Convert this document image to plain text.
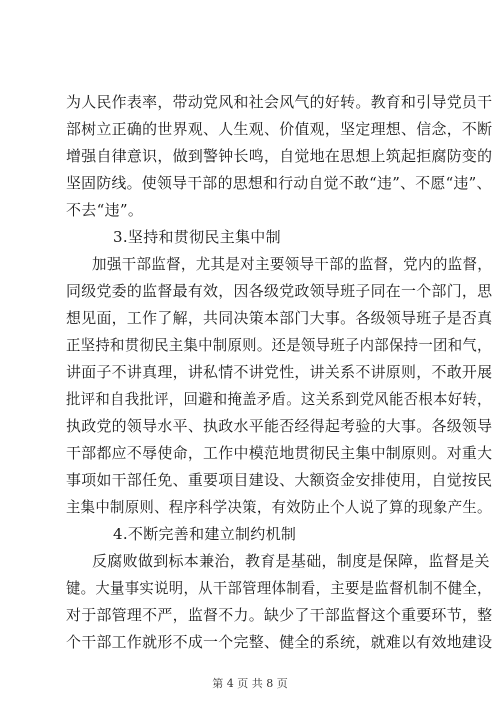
为人民作表率，带动党风和社会风气的好转。教育和引导党员干
部树立正确的世界观、人生观、价值观，坚定理想、信念，不断
增强自律意识，做到警钟长鸣，自觉地在思想上筑起拒腐防变的
坚固防线。使领导干部的思想和行动自觉不敢“违”、不愿“违”、
不去“违”。
3.坚持和贯彻民主集中制
加强干部监督，尤其是对主要领导干部的监督，党内的监督，
同级党委的监督最有效，因各级党政领导班子同在一个部门，思
想见面，工作了解，共同决策本部门大事。各级领导班子是否真
正坚持和贯彻民主集中制原则。还是领导班子内部保持一团和气，
讲面子不讲真理，讲私情不讲党性，讲关系不讲原则，不敢开展
批评和自我批评，回避和掩盖矛盾。这关系到党风能否根本好转，
执政党的领导水平、执政水平能否经得起考验的大事。各级领导
干部都应不辱使命，工作中模范地贯彻民主集中制原则。对重大
事项如干部任免、重要项目建设、大额资金安排使用，自觉按民
主集中制原则、程序科学决策，有效防止个人说了算的现象产生。
4.不断完善和建立制约机制
反腐败做到标本兼治，教育是基础，制度是保障，监督是关
键。大量事实说明，从干部管理体制看，主要是监督机制不健全，
对于部管理不严，监督不力。缺少了干部监督这个重要环节，整
个干部工作就形不成一个完整、健全的系统，就难以有效地建设
第 4 页 共 8 页
